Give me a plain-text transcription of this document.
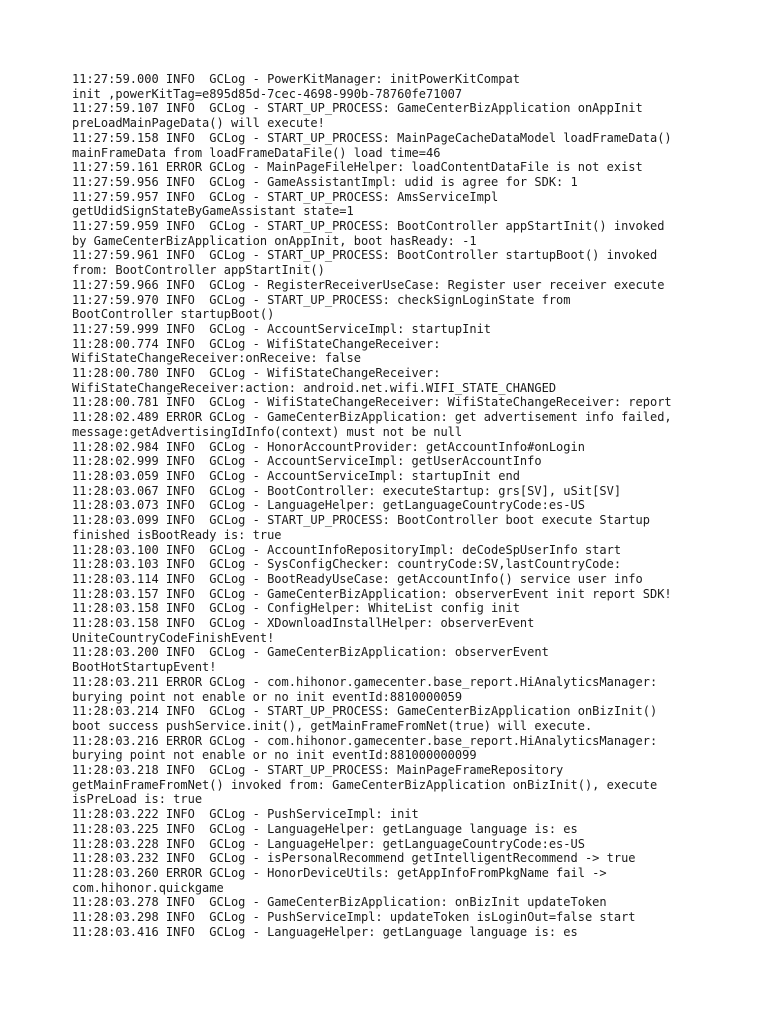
11:27:59.000 INFO  GCLog - PowerKitManager: initPowerKitCompat

init ,powerKitTag=e895d85d-7cec-4698-990b-78760fe71007

11:27:59.107 INFO  GCLog - START_UP_PROCESS: GameCenterBizApplication onAppInit

preLoadMainPageData() will execute!

11:27:59.158 INFO  GCLog - START_UP_PROCESS: MainPageCacheDataModel loadFrameData()

mainFrameData from loadFrameDataFile() load time=46

11:27:59.161 ERROR GCLog - MainPageFileHelper: loadContentDataFile is not exist

11:27:59.956 INFO  GCLog - GameAssistantImpl: udid is agree for SDK: 1

11:27:59.957 INFO  GCLog - START_UP_PROCESS: AmsServiceImpl

getUdidSignStateByGameAssistant state=1

11:27:59.959 INFO  GCLog - START_UP_PROCESS: BootController appStartInit() invoked

by GameCenterBizApplication onAppInit, boot hasReady: -1

11:27:59.961 INFO  GCLog - START_UP_PROCESS: BootController startupBoot() invoked

from: BootController appStartInit()

11:27:59.966 INFO  GCLog - RegisterReceiverUseCase: Register user receiver execute

11:27:59.970 INFO  GCLog - START_UP_PROCESS: checkSignLoginState from

BootController startupBoot()

11:27:59.999 INFO  GCLog - AccountServiceImpl: startupInit

11:28:00.774 INFO  GCLog - WifiStateChangeReceiver:

WifiStateChangeReceiver:onReceive: false

11:28:00.780 INFO  GCLog - WifiStateChangeReceiver:

WifiStateChangeReceiver:action: android.net.wifi.WIFI_STATE_CHANGED

11:28:00.781 INFO  GCLog - WifiStateChangeReceiver: WifiStateChangeReceiver: report

11:28:02.489 ERROR GCLog - GameCenterBizApplication: get advertisement info failed,

message:getAdvertisingIdInfo(context) must not be null

11:28:02.984 INFO  GCLog - HonorAccountProvider: getAccountInfo#onLogin

11:28:02.999 INFO  GCLog - AccountServiceImpl: getUserAccountInfo

11:28:03.059 INFO  GCLog - AccountServiceImpl: startupInit end

11:28:03.067 INFO  GCLog - BootController: executeStartup: grs[SV], uSit[SV]

11:28:03.073 INFO  GCLog - LanguageHelper: getLanguageCountryCode:es-US

11:28:03.099 INFO  GCLog - START_UP_PROCESS: BootController boot execute Startup

finished isBootReady is: true

11:28:03.100 INFO  GCLog - AccountInfoRepositoryImpl: deCodeSpUserInfo start

11:28:03.103 INFO  GCLog - SysConfigChecker: countryCode:SV,lastCountryCode:

11:28:03.114 INFO  GCLog - BootReadyUseCase: getAccountInfo() service user info

11:28:03.157 INFO  GCLog - GameCenterBizApplication: observerEvent init report SDK!

11:28:03.158 INFO  GCLog - ConfigHelper: WhiteList config init

11:28:03.158 INFO  GCLog - XDownloadInstallHelper: observerEvent

UniteCountryCodeFinishEvent!

11:28:03.200 INFO  GCLog - GameCenterBizApplication: observerEvent

BootHotStartupEvent!

11:28:03.211 ERROR GCLog - com.hihonor.gamecenter.base_report.HiAnalyticsManager:

burying point not enable or no init eventId:8810000059

11:28:03.214 INFO  GCLog - START_UP_PROCESS: GameCenterBizApplication onBizInit()

boot success pushService.init(), getMainFrameFromNet(true) will execute.

11:28:03.216 ERROR GCLog - com.hihonor.gamecenter.base_report.HiAnalyticsManager:

burying point not enable or no init eventId:881000000099

11:28:03.218 INFO  GCLog - START_UP_PROCESS: MainPageFrameRepository

getMainFrameFromNet() invoked from: GameCenterBizApplication onBizInit(), execute

isPreLoad is: true

11:28:03.222 INFO  GCLog - PushServiceImpl: init

11:28:03.225 INFO  GCLog - LanguageHelper: getLanguage language is: es

11:28:03.228 INFO  GCLog - LanguageHelper: getLanguageCountryCode:es-US

11:28:03.232 INFO  GCLog - isPersonalRecommend getIntelligentRecommend -> true

11:28:03.260 ERROR GCLog - HonorDeviceUtils: getAppInfoFromPkgName fail ->

com.hihonor.quickgame

11:28:03.278 INFO  GCLog - GameCenterBizApplication: onBizInit updateToken

11:28:03.298 INFO  GCLog - PushServiceImpl: updateToken isLoginOut=false start

11:28:03.416 INFO  GCLog - LanguageHelper: getLanguage language is: es
